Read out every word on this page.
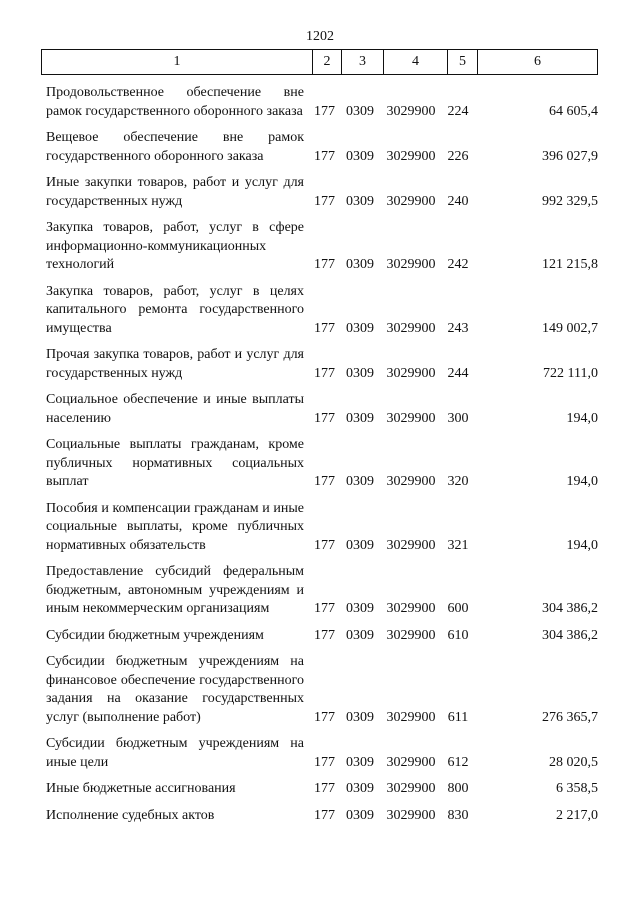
1202
1	2	3	4	5	6
Продовольственное обеспечение вне рамок государственного оборонного заказа 177 0309 3029900 224	64 605,4
Вещевое обеспечение вне рамок государственного оборонного заказа	177 0309 3029900 226	396 027,9
Иные закупки товаров, работ и услуг для государственных нужд	177 0309 3029900 240	992 329,5
Закупка товаров, работ, услуг в сфере информационно-коммуникационных технологий	177 0309 3029900 242	121 215,8
Закупка товаров, работ, услуг в целях капитального ремонта государственного имущества	177 0309 3029900 243	149 002,7
Прочая закупка товаров, работ и услуг для государственных нужд	177 0309 3029900 244	722 111,0
Социальное обеспечение и иные выплаты населению	177 0309 3029900 300	194,0
Социальные выплаты гражданам, кроме публичных нормативных социальных выплат	177 0309 3029900 320	194,0
Пособия и компенсации гражданам и иные социальные выплаты, кроме публичных нормативных обязательств	177 0309 3029900 321	194,0
Предоставление субсидий федеральным бюджетным, автономным учреждениям и иным некоммерческим организациям	177 0309 3029900 600	304 386,2
Субсидии бюджетным учреждениям	177 0309 3029900 610	304 386,2
Субсидии бюджетным учреждениям на финансовое обеспечение государственного задания на оказание государственных услуг (выполнение работ)	177 0309 3029900 611	276 365,7
Субсидии бюджетным учреждениям на иные цели	177 0309 3029900 612	28 020,5
Иные бюджетные ассигнования	177 0309 3029900 800	6 358,5
Исполнение судебных актов	177 0309 3029900 830	2 217,0
